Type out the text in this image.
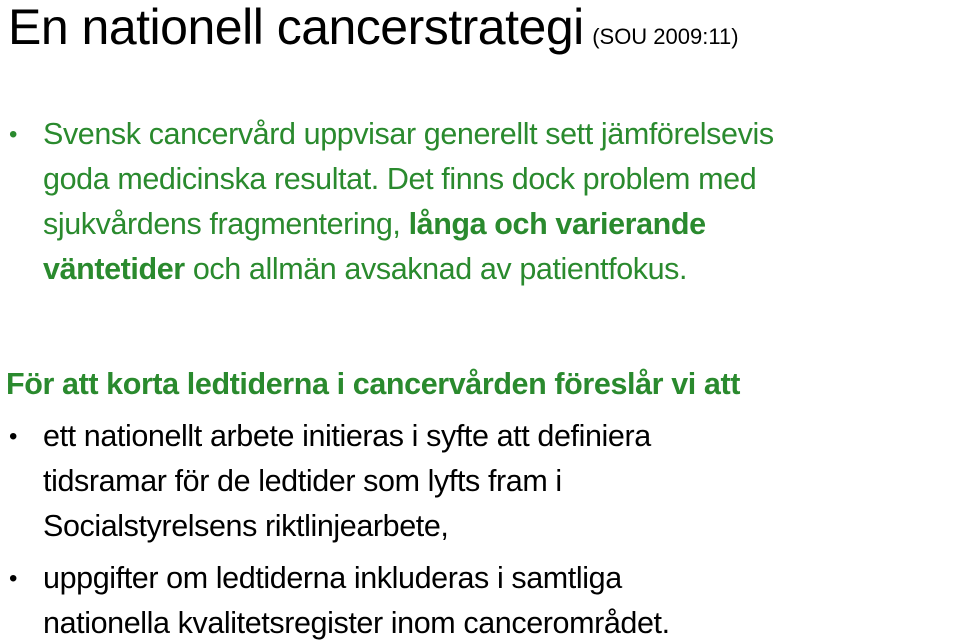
En nationell cancerstrategi (SOU 2009:11)
• Svensk cancervård uppvisar generellt sett jämförelsevis
goda medicinska resultat. Det finns dock problem med
sjukvårdens fragmentering, långa och varierande
väntetider och allmän avsaknad av patientfokus.
För att korta ledtiderna i cancervården föreslår vi att
• ett nationellt arbete initieras i syfte att definiera
tidsramar för de ledtider som lyfts fram i
Socialstyrelsens riktlinjearbete,
• uppgifter om ledtiderna inkluderas i samtliga
nationella kvalitetsregister inom cancerområdet.
